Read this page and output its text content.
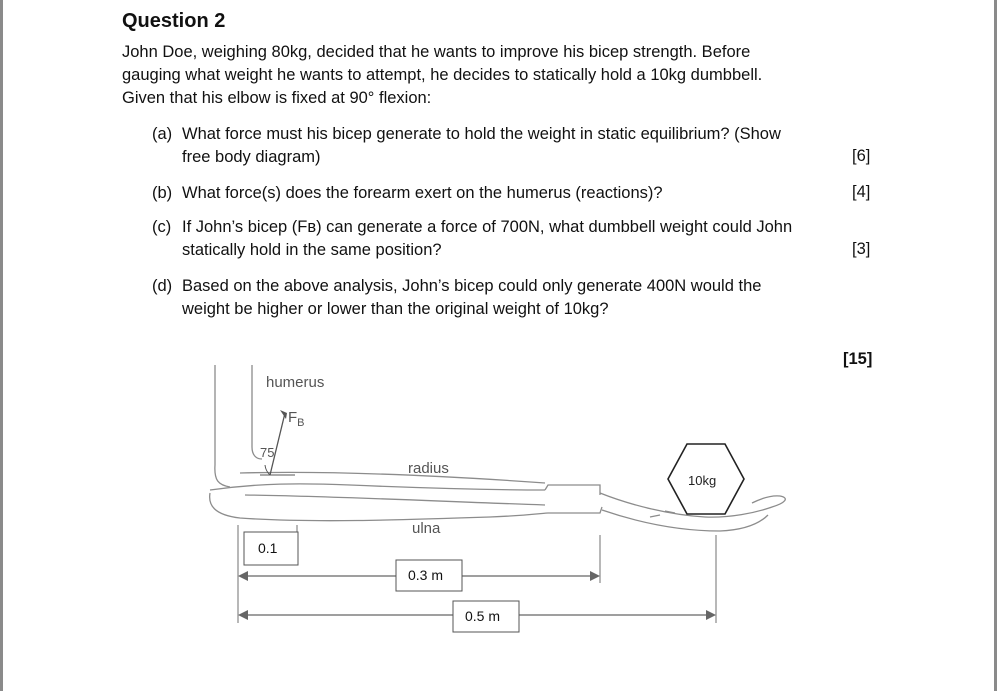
Question 2
John Doe, weighing 80kg, decided that he wants to improve his bicep strength. Before
gauging what weight he wants to attempt, he decides to statically hold a 10kg dumbbell.
Given that his elbow is fixed at 90° flexion:
(a) What force must his bicep generate to hold the weight in static equilibrium? (Show
free body diagram)	[6]
(b) What force(s) does the forearm exert on the humerus (reactions)?	[4]
(c) If John’s bicep (Fʙ) can generate a force of 700N, what dumbbell weight could John
statically hold in the same position?	[3]
(d) Based on the above analysis, John’s bicep could only generate 400N would the
weight be higher or lower than the original weight of 10kg?
[15]
humerus
$F_B$
75
radius
ulna
10kg
0.1
0.3 m
0.5 m
